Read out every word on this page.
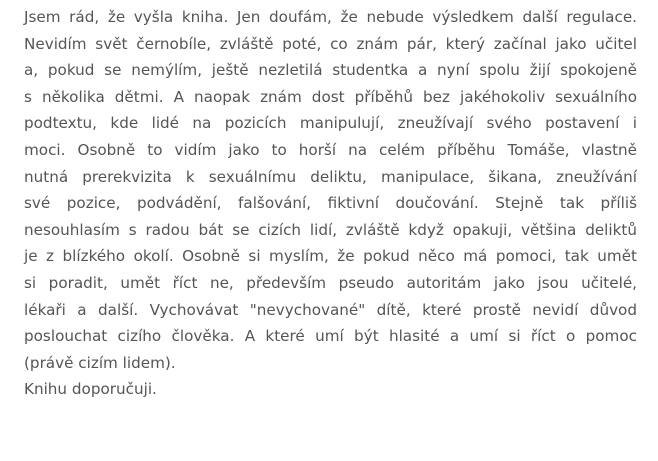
Jsem rád, že vyšla kniha. Jen doufám, že nebude výsledkem další regulace.
Nevidím svět černobíle, zvláště poté, co znám pár, který začínal jako učitel
a, pokud se nemýlím, ještě nezletilá studentka a nyní spolu žijí spokojeně
s několika dětmi. A naopak znám dost příběhů bez jakéhokoliv sexuálního
podtextu, kde lidé na pozicích manipulují, zneužívají svého postavení i
moci. Osobně to vidím jako to horší na celém příběhu Tomáše, vlastně
nutná prerekvizita k sexuálnímu deliktu, manipulace, šikana, zneužívání
své pozice, podvádění, falšování, fiktivní doučování. Stejně tak příliš
nesouhlasím s radou bát se cizích lidí, zvláště když opakuji, většina deliktů
je z blízkého okolí. Osobně si myslím, že pokud něco má pomoci, tak umět
si poradit, umět říct ne, především pseudo autoritám jako jsou učitelé,
lékaři a další. Vychovávat "nevychované" dítě, které prostě nevidí důvod
poslouchat cizího člověka. A které umí být hlasité a umí si říct o pomoc
(právě cizím lidem).
Knihu doporučuji.
